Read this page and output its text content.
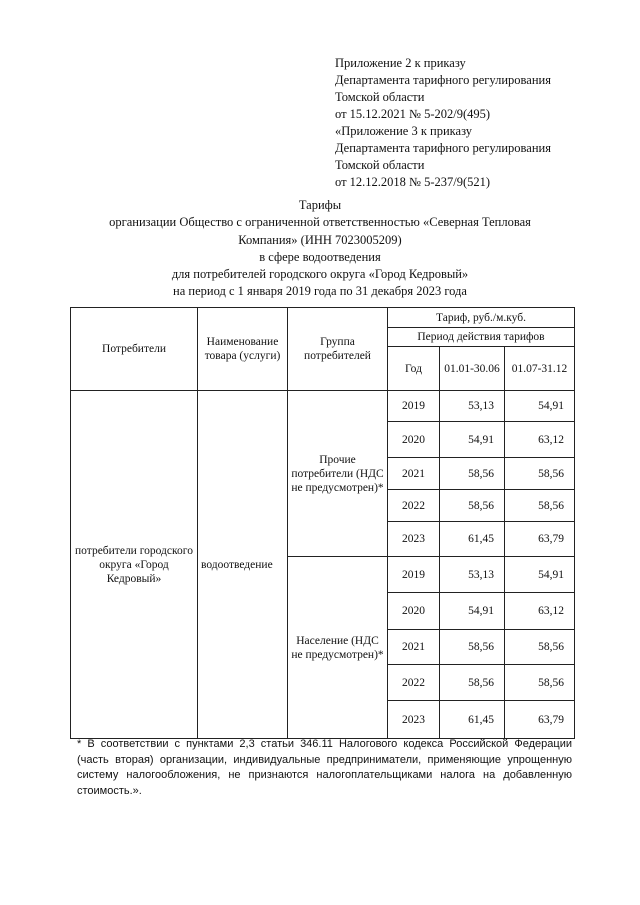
Приложение 2 к приказу
Департамента тарифного регулирования
Томской области
от 15.12.2021 № 5-202/9(495)
«Приложение 3 к приказу
Департамента тарифного регулирования
Томской области
от 12.12.2018 № 5-237/9(521)
Тарифы
организации Общество с ограниченной ответственностью «Северная Тепловая
Компания» (ИНН 7023005209)
в сфере водоотведения
для потребителей городского округа «Город Кедровый»
на период с 1 января 2019 года по 31 декабря 2023 года
Потребители	Наименование товара (услуги)	Группа потребителей	Тариф, руб./м.куб.		
			Период действия тарифов		
			Год	01.01-30.06	01.07-31.12
потребители городского округа «Город Кедровый»	водоотведение	Прочие потребители (НДС не предусмотрен)*	2019	53,13	54,91
			2020	54,91	63,12
			2021	58,56	58,56
			2022	58,56	58,56
			2023	61,45	63,79
		Население (НДС не предусмотрен)*	2019	53,13	54,91
			2020	54,91	63,12
			2021	58,56	58,56
			2022	58,56	58,56
			2023	61,45	63,79
* В соответствии с пунктами 2,3 статьи 346.11 Налогового кодекса Российской Федерации (часть вторая) организации, индивидуальные предприниматели, применяющие упрощенную систему налогообложения, не признаются налогоплательщиками налога на добавленную стоимость.».
